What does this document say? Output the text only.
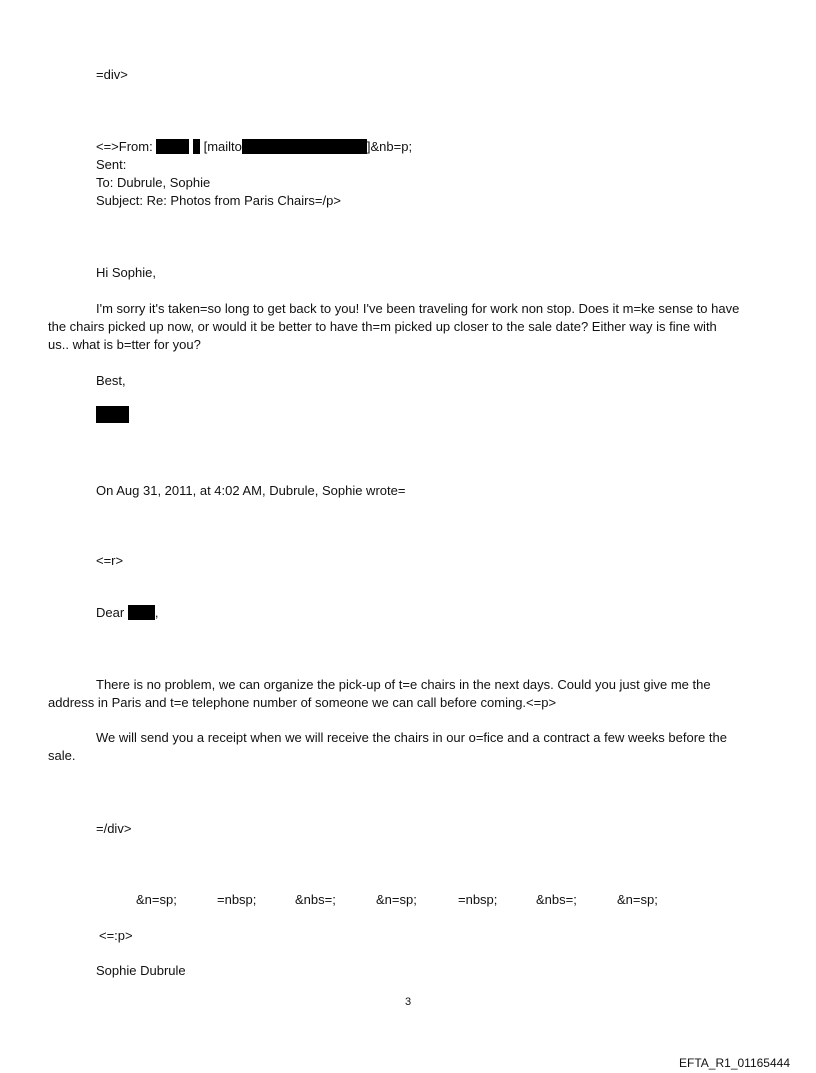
=div>
<=>From:	[mailto	]&nb=p;
Sent:
To: Dubrule, Sophie
Subject: Re: Photos from Paris Chairs=/p>
Hi Sophie,
I'm sorry it's taken=so long to get back to you! I've been traveling for work non stop. Does it m=ke sense to have
the chairs picked up now, or would it be better to have th=m picked up closer to the sale date? Either way is fine with
us.. what is b=tter for you?
Best,
On Aug 31, 2011, at 4:02 AM, Dubrule, Sophie wrote=
<=r>
Dear ,
There is no problem, we can organize the pick-up of t=e chairs in the next days. Could you just give me the
address in Paris and t=e telephone number of someone we can call before coming.<=p>
We will send you a receipt when we will receive the chairs in our o=fice and a contract a few weeks before the
sale.
=/div>
&n=sp;	=nbsp;	&nbs=;	&n=sp;	=nbsp;	&nbs=;	&n=sp;
<=:p>
Sophie Dubrule
3
EFTA_R1_01165444
